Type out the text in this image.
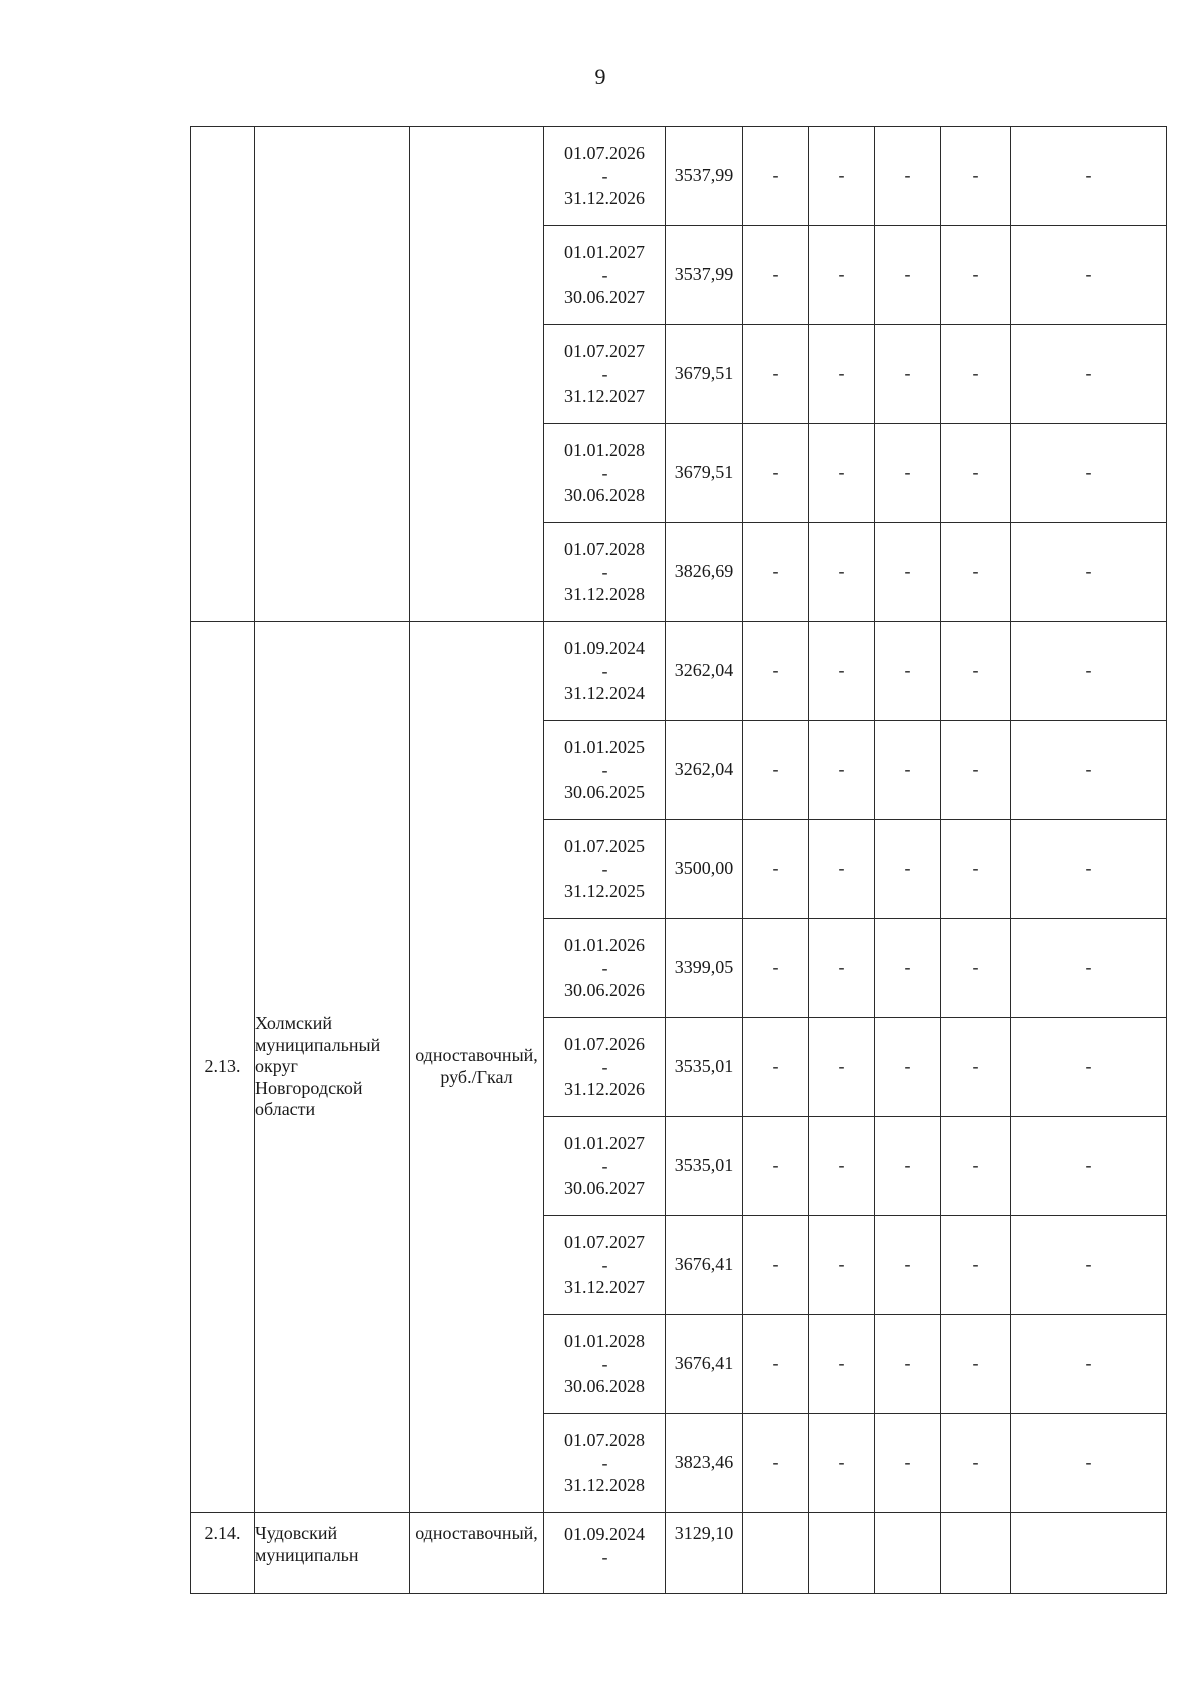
9

			01.07.2026
-
31.12.2026	3537,99	-	-	-	-	-

			01.01.2027
-
30.06.2027	3537,99	-	-	-	-	-

			01.07.2027
-
31.12.2027	3679,51	-	-	-	-	-

			01.01.2028
-
30.06.2028	3679,51	-	-	-	-	-

			01.07.2028
-
31.12.2028	3826,69	-	-	-	-	-
2.13.	Холмский муниципальный округ Новгородской области	одноставочный, руб./Гкал	01.09.2024
-
31.12.2024	3262,04	-	-	-	-	-

			01.01.2025
-
30.06.2025	3262,04	-	-	-	-	-

			01.07.2025
-
31.12.2025	3500,00	-	-	-	-	-

			01.01.2026
-
30.06.2026	3399,05	-	-	-	-	-

			01.07.2026
-
31.12.2026	3535,01	-	-	-	-	-

			01.01.2027
-
30.06.2027	3535,01	-	-	-	-	-

			01.07.2027
-
31.12.2027	3676,41	-	-	-	-	-

			01.01.2028
-
30.06.2028	3676,41	-	-	-	-	-

			01.07.2028
-
31.12.2028	3823,46	-	-	-	-	-
2.14.	Чудовский муниципальн	одноставочный,	01.09.2024
-	3129,10					
